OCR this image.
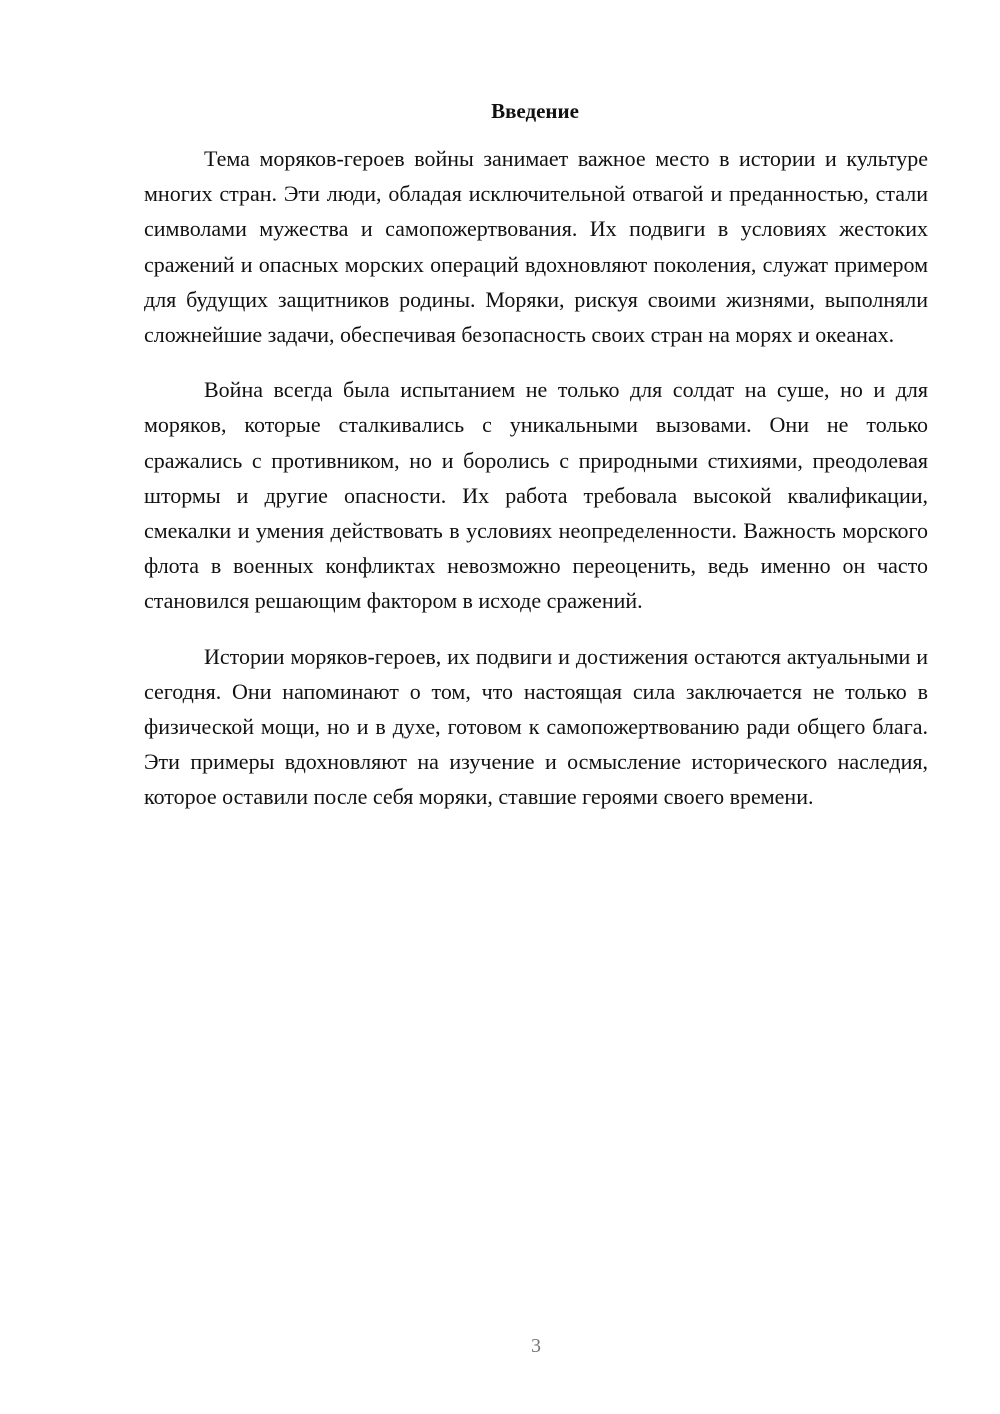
Введение

Тема моряков-героев войны занимает важное место в истории и культуре многих стран. Эти люди, обладая исключительной отвагой и преданностью, стали символами мужества и самопожертвования. Их подвиги в условиях жестоких сражений и опасных морских операций вдохновляют поколения, служат примером для будущих защитников родины. Моряки, рискуя своими жизнями, выполняли сложнейшие задачи, обеспечивая безопасность своих стран на морях и океанах.

Война всегда была испытанием не только для солдат на суше, но и для моряков, которые сталкивались с уникальными вызовами. Они не только сражались с противником, но и боролись с природными стихиями, преодолевая штормы и другие опасности. Их работа требовала высокой квалификации, смекалки и умения действовать в условиях неопределенности. Важность морского флота в военных конфликтах невозможно переоценить, ведь именно он часто становился решающим фактором в исходе сражений.

Истории моряков-героев, их подвиги и достижения остаются актуальными и сегодня. Они напоминают о том, что настоящая сила заключается не только в физической мощи, но и в духе, готовом к самопожертвованию ради общего блага. Эти примеры вдохновляют на изучение и осмысление исторического наследия, которое оставили после себя моряки, ставшие героями своего времени.

3
